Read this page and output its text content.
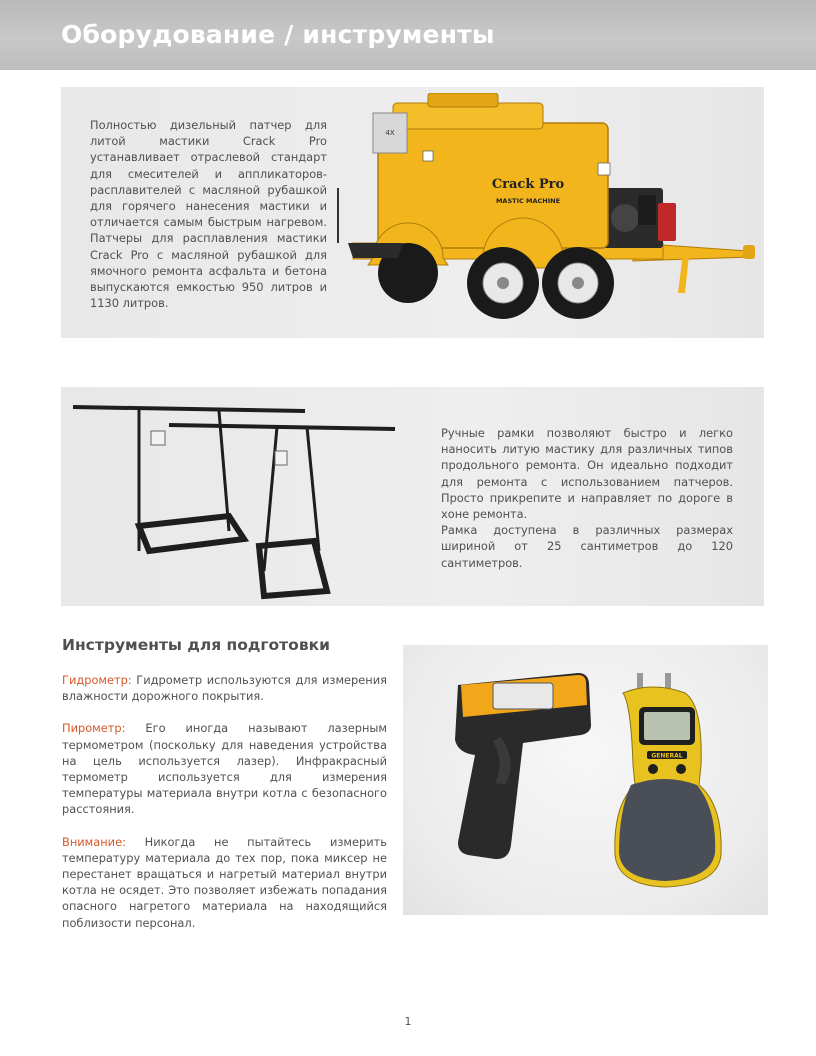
Оборудование / инструменты
Полностью дизельный патчер для литой мастики Crack Pro устанавливает отраслевой стандарт для смесителей и аппликаторов-расплавителей с масляной рубашкой для горячего нанесения мастики и отличается самым быстрым нагревом. Патчеры для расплавления мастики Crack Pro с масляной рубашкой для ямочного ремонта асфальта и бетона выпускаются емкостью 950 литров и 1130 литров.
4X
Crack Pro
MASTIC MACHINE
Ручные рамки позволяют быстро и легко наносить литую мастику для различных типов продольного ремонта. Он идеально подходит для ремонта с использованием патчеров. Просто прикрепите и направляет по дороге в хоне ремонта.
Рамка доступена в различных размерах шириной от 25 сантиметров до 120 сантиметров.
Инструменты для подготовки

Гидрометр: Гидрометр используются для измерения влажности дорожного покрытия.

Пирометр: Его иногда называют лазерным термометром (поскольку для наведения устройства на цель используется лазер). Инфракрасный термометр используется для измерения температуры материала внутри котла с безопасного расстояния.

Внимание: Никогда не пытайтесь измерить температуру материала до тех пор, пока миксер не перестанет вращаться и нагретый материал внутри котла не осядет. Это позволяет избежать попадания опасного нагретого материала на находящийся поблизости персонал.

GENERAL
1
